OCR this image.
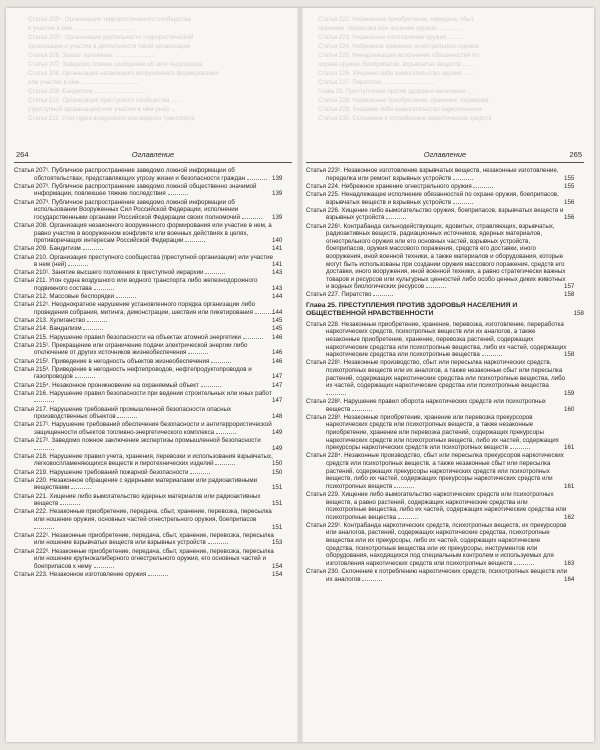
Статья 205⁴. Организация террористического сообщества
и участие в нём ....................................
Статья 205⁵. Организация деятельности террористической
организации и участие в деятельности такой организации
Статья 206. Захват заложника ........................
Статья 207. Заведомо ложное сообщение об акте терроризма
Статья 208. Организация незаконного вооружённого формирования
или участие в нём ...................................
Статья 209. Бандитизм ...............................
Статья 210. Организация преступного сообщества ......
(преступной организации) или участие в нём (ней) ...
Статья 211. Угон судна воздушного или водного транспорта
Статья 222. Незаконные приобретение, передача, сбыт,
хранение, перевозка или ношение оружия ...............
Статья 223. Незаконное изготовление оружия ..........
Статья 224. Небрежное хранение огнестрельного оружия
Статья 225. Ненадлежащее исполнение обязанностей по
охране оружия, боеприпасов, взрывчатых веществ .......
Статья 226. Хищение либо вымогательство оружия ......
Статья 227. Пиратство ...............................
Глава 25. Преступления против здоровья населения ....
Статья 228. Незаконные приобретение, хранение, перевозка
Статья 229. Хищение либо вымогательство наркотических
Статья 230. Склонение к потреблению наркотических средств
264	Оглавление
Статья 207¹. Публичное распространение заведомо ложной информации об обстоятельствах, представляющих угрозу жизни и безопасности граждан	139
Статья 207². Публичное распространение заведомо ложной общественно значимой информации, повлекшее тяжкие последствия	139
Статья 207³. Публичное распространение заведомо ложной информации об использовании Вооруженных Сил Российской Федерации, исполнении государственными органами Российской Федерации своих полномочий	139
Статья 208. Организация незаконного вооруженного формирования или участие в нем, а равно участие в вооруженном конфликте или военных действиях в целях, противоречащих интересам Российской Федерации	140
Статья 209. Бандитизм	141
Статья 210. Организация преступного сообщества (преступной организации) или участие в нем (ней)	141
Статья 210¹. Занятие высшего положения в преступной иерархии	143
Статья 211. Угон судна воздушного или водного транспорта либо железнодорожного подвижного состава	143
Статья 212. Массовые беспорядки	144
Статья 212¹. Неоднократное нарушение установленного порядка организации либо проведения собрания, митинга, демонстрации, шествия или пикетирования	144
Статья 213. Хулиганство	145
Статья 214. Вандализм	145
Статья 215. Нарушение правил безопасности на объектах атомной энергетики	146
Статья 215¹. Прекращение или ограничение подачи электрической энергии либо отключение от других источников жизнеобеспечения	146
Статья 215². Приведение в негодность объектов жизнеобеспечения	146
Статья 215³. Приведение в негодность нефтепроводов, нефтепродуктопроводов и газопроводов	147
Статья 215⁴. Незаконное проникновение на охраняемый объект	147
Статья 216. Нарушение правил безопасности при ведении строительных или иных работ
147
Статья 217. Нарушение требований промышленной безопасности опасных производственных объектов	148
Статья 217¹. Нарушение требований обеспечения безопасности и антитеррористической защищенности объектов топливно-энергетического комплекса	149
Статья 217². Заведомо ложное заключение экспертизы промышленной безопасности
149
Статья 218. Нарушение правил учета, хранения, перевозки и использования взрывчатых, легковоспламеняющихся веществ и пиротехнических изделий	150
Статья 219. Нарушение требований пожарной безопасности	150
Статья 220. Незаконное обращение с ядерными материалами или радиоактивными веществами	151
Статья 221. Хищение либо вымогательство ядерных материалов или радиоактивных веществ	151
Статья 222. Незаконные приобретение, передача, сбыт, хранение, перевозка, пересылка или ношение оружия, основных частей огнестрельного оружия, боеприпасов
151
Статья 222¹. Незаконные приобретение, передача, сбыт, хранение, перевозка, пересылка или ношение взрывчатых веществ или взрывных устройств	153
Статья 222². Незаконные приобретение, передача, сбыт, хранение, перевозка, пересылка или ношение крупнокалиберного огнестрельного оружия, его основных частей и боеприпасов к нему	154
Статья 223. Незаконное изготовление оружия	154
Оглавление	265
Статья 223¹. Незаконное изготовление взрывчатых веществ, незаконные изготовление, переделка или ремонт взрывных устройств	155
Статья 224. Небрежное хранение огнестрельного оружия	155
Статья 225. Ненадлежащее исполнение обязанностей по охране оружия, боеприпасов, взрывчатых веществ и взрывных устройств	156
Статья 226. Хищение либо вымогательство оружия, боеприпасов, взрывчатых веществ и взрывных устройств	156
Статья 226¹. Контрабанда сильнодействующих, ядовитых, отравляющих, взрывчатых, радиоактивных веществ, радиационных источников, ядерных материалов, огнестрельного оружия или его основных частей, взрывных устройств, боеприпасов, оружия массового поражения, средств его доставки, иного вооружения, иной военной техники, а также материалов и оборудования, которые могут быть использованы при создании оружия массового поражения, средств его доставки, иного вооружения, иной военной техники, а равно стратегически важных товаров и ресурсов или культурных ценностей либо особо ценных диких животных и водных биологических ресурсов	157
Статья 227. Пиратство	158
Глава 25. ПРЕСТУПЛЕНИЯ ПРОТИВ ЗДОРОВЬЯ НАСЕЛЕНИЯ И ОБЩЕСТВЕННОЙ НРАВСТВЕННОСТИ	158
Статья 228. Незаконные приобретение, хранение, перевозка, изготовление, переработка наркотических средств, психотропных веществ или их аналогов, а также незаконные приобретение, хранение, перевозка растений, содержащих наркотические средства или психотропные вещества, либо их частей, содержащих наркотические средства или психотропные вещества	158
Статья 228¹. Незаконные производство, сбыт или пересылка наркотических средств, психотропных веществ или их аналогов, а также незаконные сбыт или пересылка растений, содержащих наркотические средства или психотропные вещества, либо их частей, содержащих наркотические средства или психотропные вещества
159
Статья 228². Нарушение правил оборота наркотических средств или психотропных веществ	160
Статья 228³. Незаконные приобретение, хранение или перевозка прекурсоров наркотических средств или психотропных веществ, а также незаконные приобретение, хранение или перевозка растений, содержащих прекурсоры наркотических средств или психотропных веществ, либо их частей, содержащих прекурсоры наркотических средств или психотропных веществ	161
Статья 228⁴. Незаконные производство, сбыт или пересылка прекурсоров наркотических средств или психотропных веществ, а также незаконные сбыт или пересылка растений, содержащих прекурсоры наркотических средств или психотропных веществ, либо их частей, содержащих прекурсоры наркотических средств или психотропных веществ	161
Статья 229. Хищение либо вымогательство наркотических средств или психотропных веществ, а равно растений, содержащих наркотические средства или психотропные вещества, либо их частей, содержащих наркотические средства или психотропные вещества	162
Статья 229¹. Контрабанда наркотических средств, психотропных веществ, их прекурсоров или аналогов, растений, содержащих наркотические средства, психотропные вещества или их прекурсоры, либо их частей, содержащих наркотические средства, психотропные вещества или их прекурсоры, инструментов или оборудования, находящихся под специальным контролем и используемых для изготовления наркотических средств или психотропных веществ	163
Статья 230. Склонение к потреблению наркотических средств, психотропных веществ или их аналогов	164
